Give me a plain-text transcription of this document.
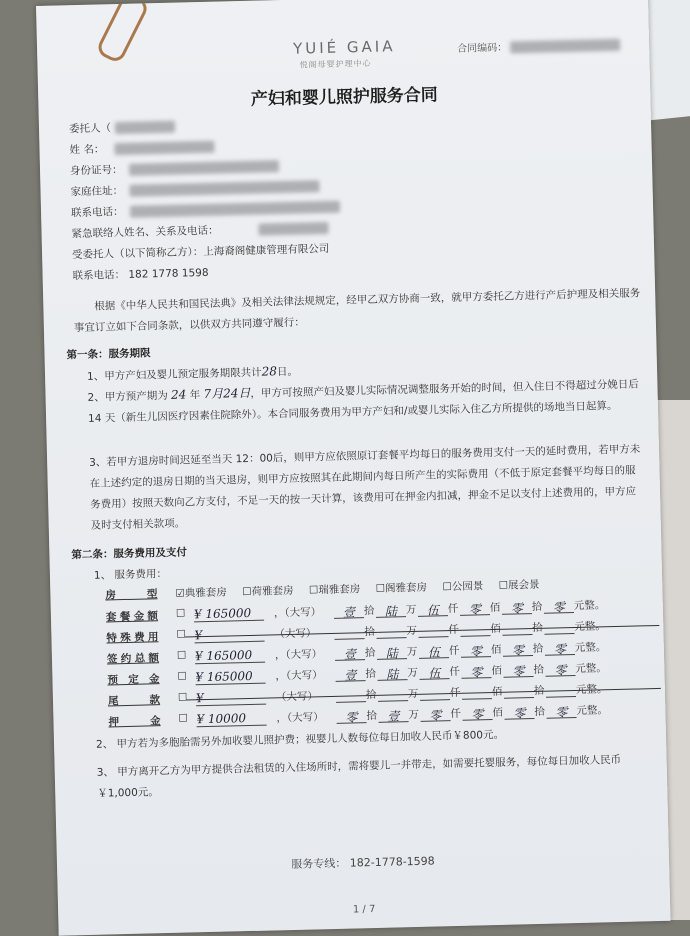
YUIÉ GAIA
悦阁母婴护理中心
合同编码：
产妇和婴儿照护服务合同
委托人（
姓 名：
身份证号：
家庭住址：
联系电话：
紧急联络人姓名、关系及电话：
受委托人（以下简称乙方）：上海裔阁健康管理有限公司
联系电话： 182 1778 1598

根据《中华人民共和国民法典》及相关法律法规规定，经甲乙双方协商一致，就甲方委托乙方进行产后护理及相关服务事宜订立如下合同条款，以供双方共同遵守履行：

第一条：服务期限

1、甲方产妇及婴儿预定服务期限共计28日。

2、甲方预产期为 24 年 7月24日，甲方可按照产妇及婴儿实际情况调整服务开始的时间，但入住日不得超过分娩日后 14 天（新生儿因医疗因素住院除外）。本合同服务费用为甲方产妇和/或婴儿实际入住乙方所提供的场地当日起算。

3、若甲方退房时间迟延至当天 12：00后，则甲方应依照原订套餐平均每日的服务费用支付一天的延时费用，若甲方未在上述约定的退房日期的当天退房，则甲方应按照其在此期间内每日所产生的实际费用（不低于原定套餐平均每日的服务费用）按照天数向乙方支付，不足一天的按一天计算，该费用可在押金内扣减，押金不足以支付上述费用的，甲方应及时支付相关款项。

第二条：服务费用及支付
1、 服务费用：
房 型 ☑典雅套房 ☐荷雅套房 ☐瑞雅套房 ☐阁雅套房 ☐公园景 ☐展会景
套餐金额 ☐ ¥ 165000	，（大写）	壹 拾 陆 万 伍 仟 零 佰 零 拾 零 元整。
特殊费用 ☐ ¥	（大写）	拾	万	仟	佰	拾	元整。
签约总额 ☐ ¥ 165000	，（大写）	壹 拾 陆 万 伍 仟 零 佰 零 拾 零 元整。
预定金 ☐ ¥ 165000	，（大写）	壹 拾 陆 万 伍 仟 零 佰 零 拾 零 元整。
尾款 ☐ ¥	（大写）	拾	万	仟	佰	拾	元整。
押金 ☐ ¥ 10000	，（大写）	零 拾 壹 万 零 仟 零 佰 零 拾 零 元整。

2、 甲方若为多胞胎需另外加收婴儿照护费；视婴儿人数每位每日加收人民币￥800元。

3、 甲方离开乙方为甲方提供合法租赁的入住场所时，需将婴儿一并带走，如需要托婴服务，每位每日加收人民币￥1,000元。

服务专线： 182-1778-1598
1 / 7
